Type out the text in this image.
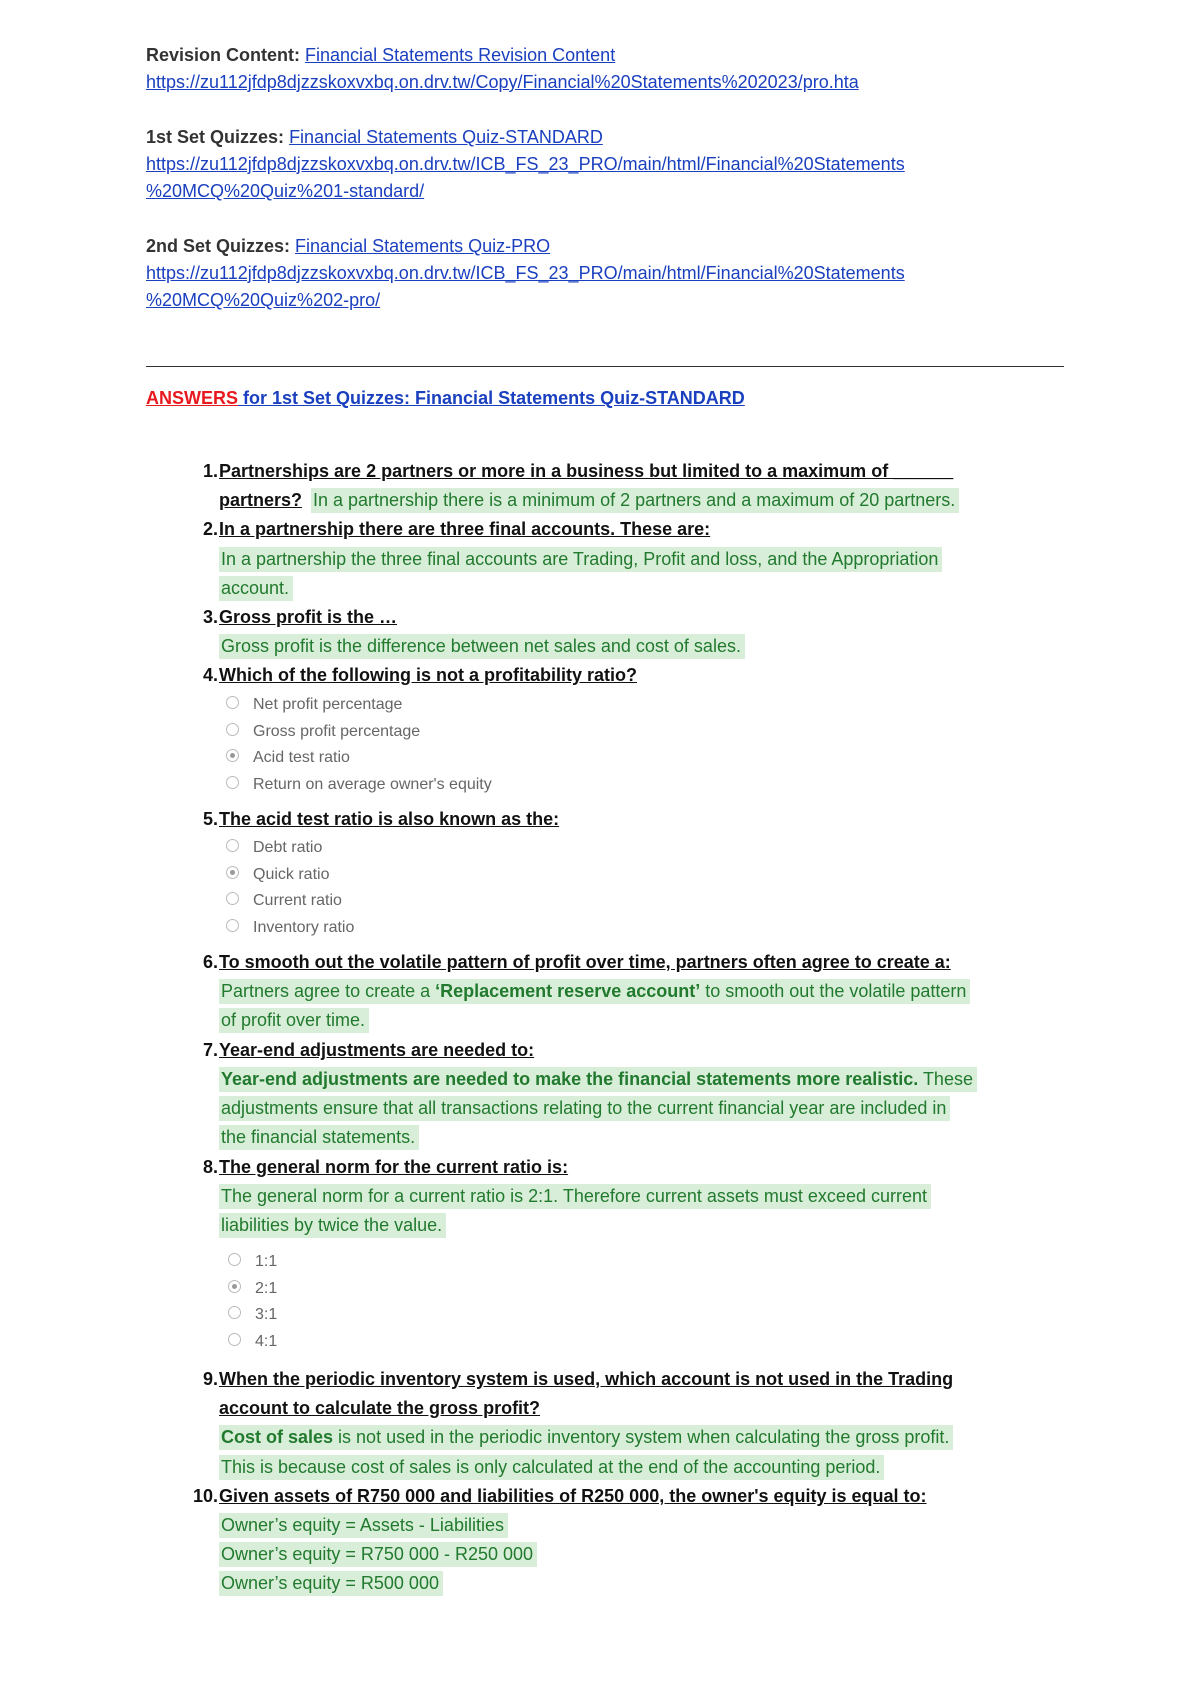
Revision Content: Financial Statements Revision Content
https://zu112jfdp8djzzskoxvxbq.on.drv.tw/Copy/Financial%20Statements%202023/pro.hta
1st Set Quizzes: Financial Statements Quiz-STANDARD
https://zu112jfdp8djzzskoxvxbq.on.drv.tw/ICB_FS_23_PRO/main/html/Financial%20Statements
%20MCQ%20Quiz%201-standard/
2nd Set Quizzes: Financial Statements Quiz-PRO
https://zu112jfdp8djzzskoxvxbq.on.drv.tw/ICB_FS_23_PRO/main/html/Financial%20Statements
%20MCQ%20Quiz%202-pro/
ANSWERS for 1st Set Quizzes: Financial Statements Quiz-STANDARD
1. Partnerships are 2 partners or more in a business but limited to a maximum of ______
partners? In a partnership there is a minimum of 2 partners and a maximum of 20 partners.
2. In a partnership there are three final accounts. These are:
In a partnership the three final accounts are Trading, Profit and loss, and the Appropriation
account.
3. Gross profit is the …
Gross profit is the difference between net sales and cost of sales.
4. Which of the following is not a profitability ratio?
Net profit percentage
Gross profit percentage
Acid test ratio
Return on average owner's equity
5. The acid test ratio is also known as the:
Debt ratio
Quick ratio
Current ratio
Inventory ratio
6. To smooth out the volatile pattern of profit over time, partners often agree to create a:
Partners agree to create a ‘Replacement reserve account’ to smooth out the volatile pattern
of profit over time.
7. Year-end adjustments are needed to:
Year-end adjustments are needed to make the financial statements more realistic. These
adjustments ensure that all transactions relating to the current financial year are included in
the financial statements.
8. The general norm for the current ratio is:
The general norm for a current ratio is 2:1. Therefore current assets must exceed current
liabilities by twice the value.
1:1
2:1
3:1
4:1
9. When the periodic inventory system is used, which account is not used in the Trading
account to calculate the gross profit?
Cost of sales is not used in the periodic inventory system when calculating the gross profit.
This is because cost of sales is only calculated at the end of the accounting period.
10. Given assets of R750 000 and liabilities of R250 000, the owner's equity is equal to:
Owner’s equity = Assets - Liabilities
Owner’s equity = R750 000 - R250 000
Owner’s equity = R500 000
